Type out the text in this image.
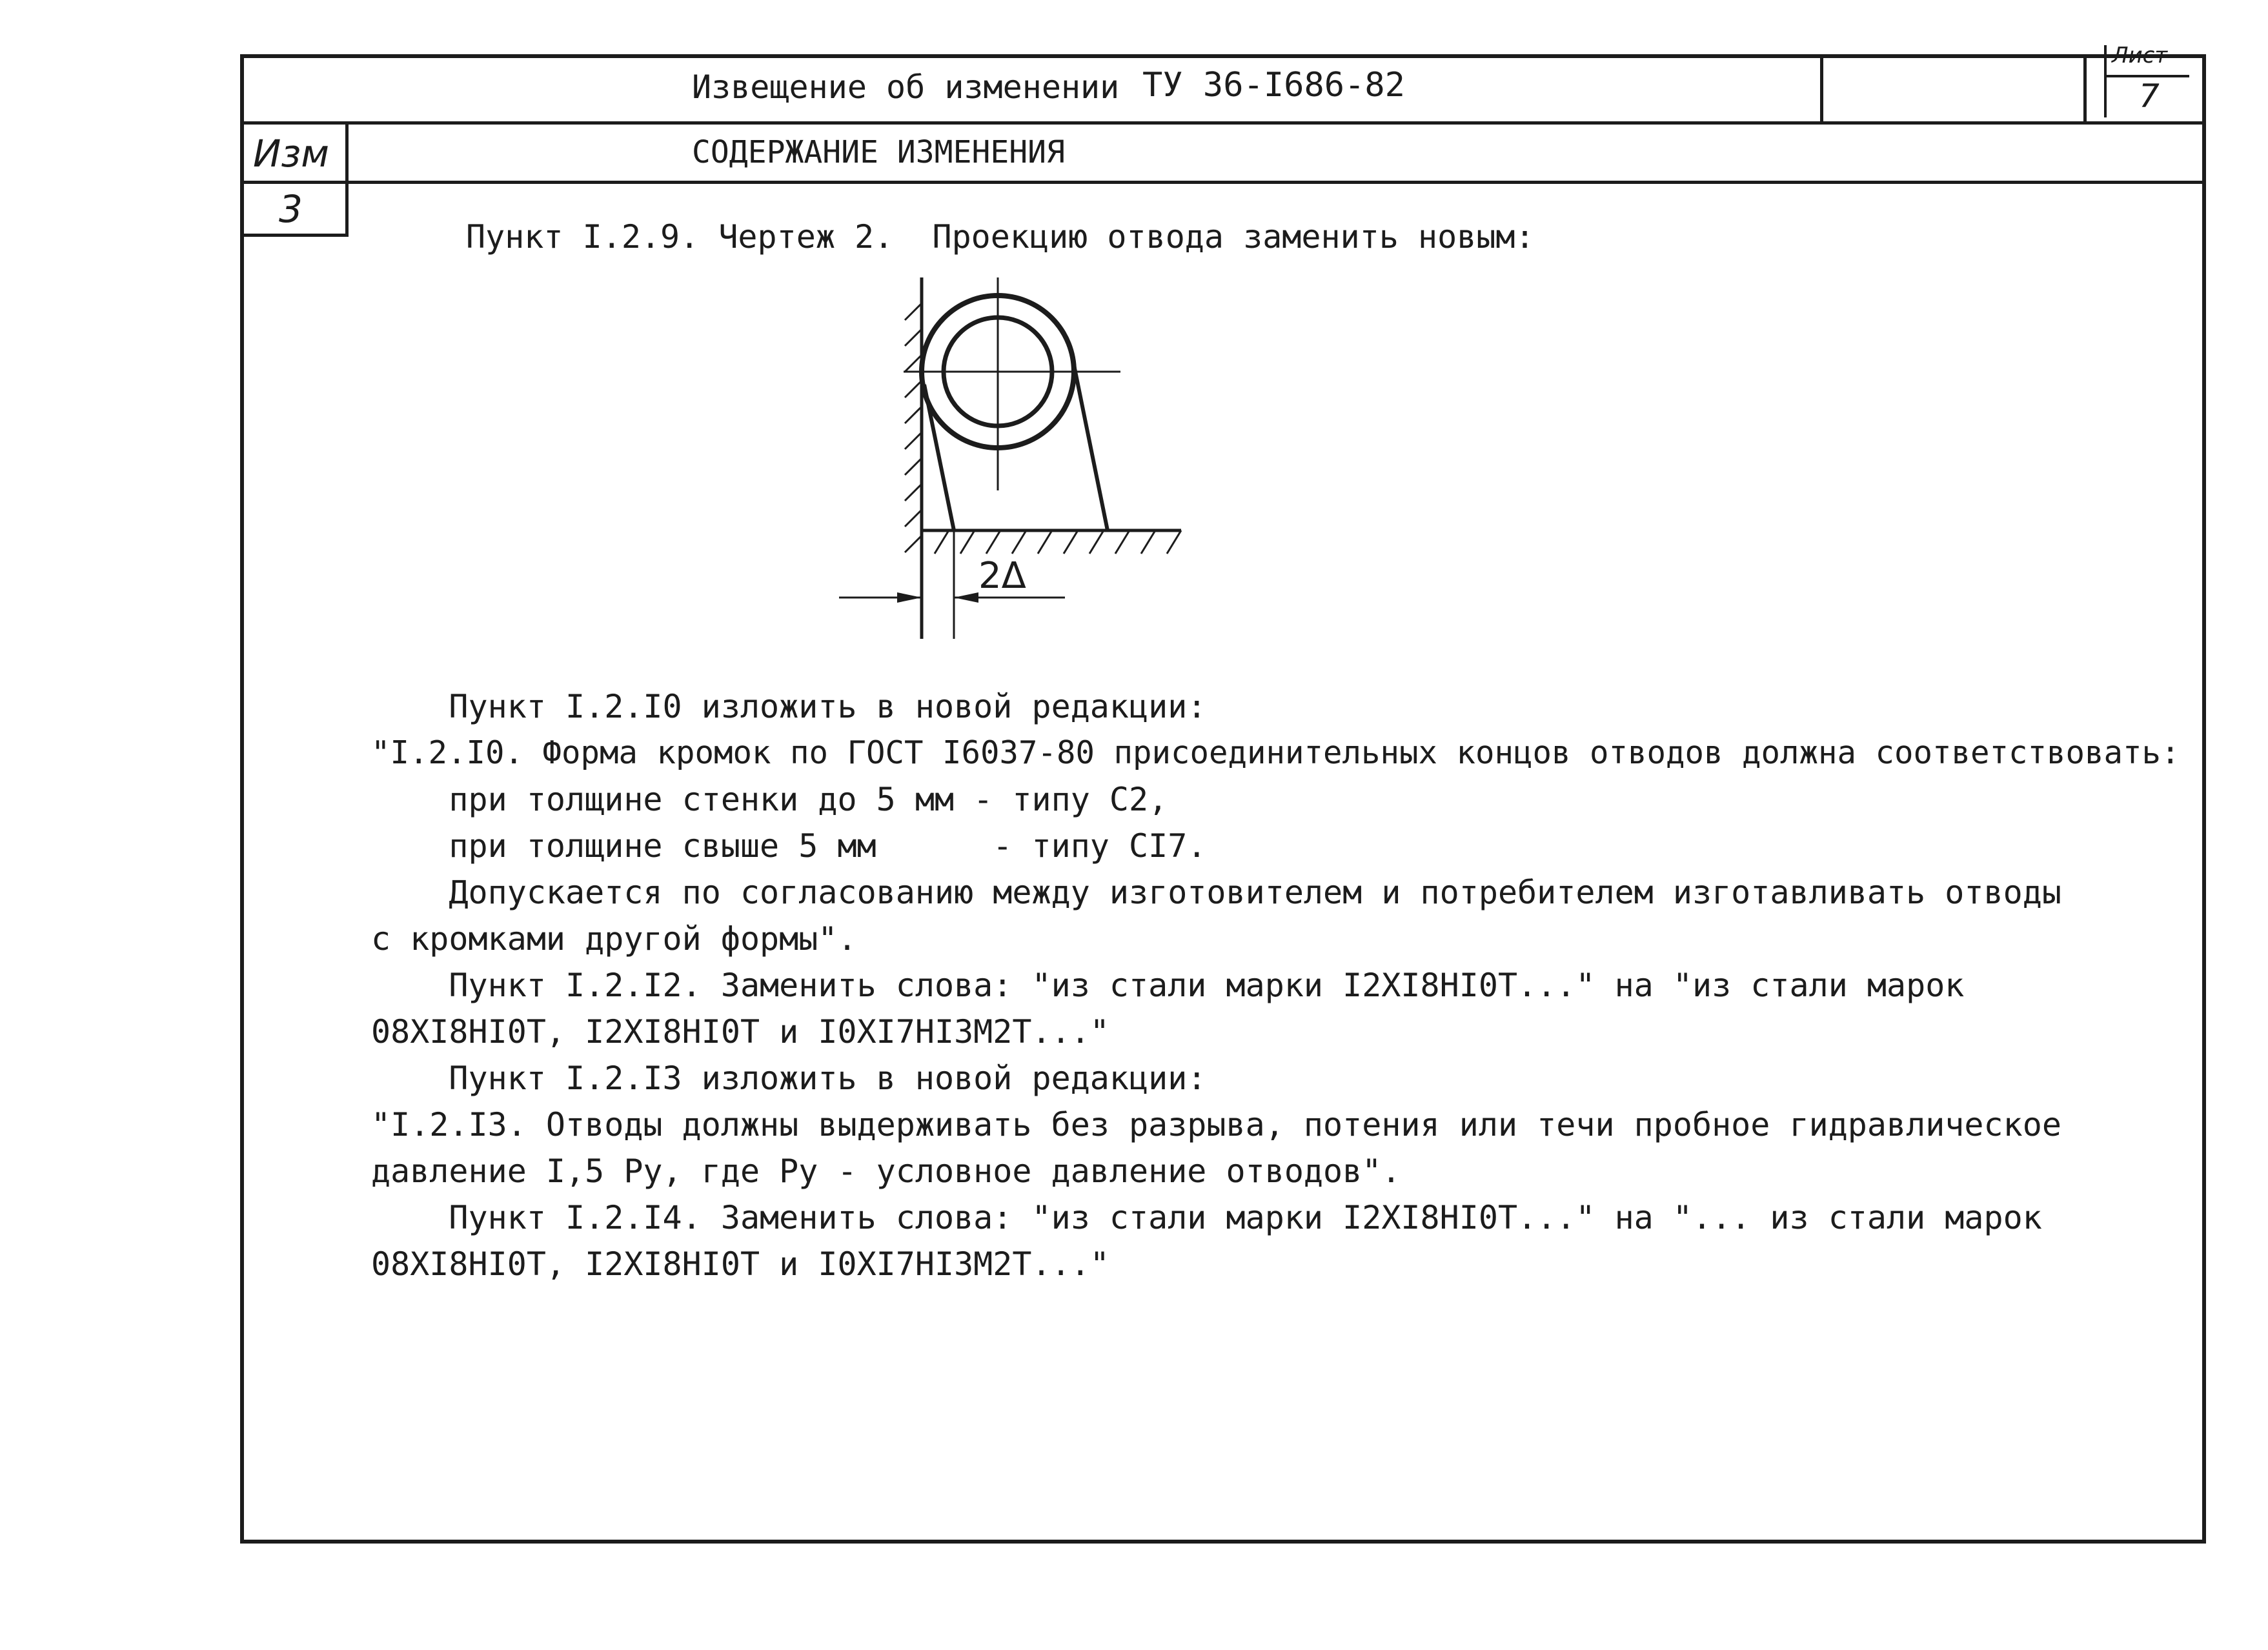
Извещение об изменении ТУ 36-I686-82
Лист
7
Изм
3
СОДЕРЖАНИЕ ИЗМЕНЕНИЯ
Пункт I.2.9. Чертеж 2.  Проекцию отвода заменить новым:
2Δ
Пункт I.2.I0 изложить в новой редакции:
"I.2.I0. Форма кромок по ГОСТ I6037-80 присоединительных концов отводов должна соответствовать:
при толщине стенки до 5 мм - типу С2,
при толщине свыше 5 мм      - типу СI7.
Допускается по согласованию между изготовителем и потребителем изготавливать отводы
с кромками другой формы".
Пункт I.2.I2. Заменить слова: "из стали марки I2ХI8НI0Т..." на "из стали марок
08ХI8НI0Т, I2ХI8НI0Т и I0ХI7НI3М2Т..."
Пункт I.2.I3 изложить в новой редакции:
"I.2.I3. Отводы должны выдерживать без разрыва, потения или течи пробное гидравлическое
давление I,5 Ру, где Ру - условное давление отводов".
Пункт I.2.I4. Заменить слова: "из стали марки I2ХI8НI0Т..." на "... из стали марок
08ХI8НI0Т, I2ХI8НI0Т и I0ХI7НI3М2Т..."
